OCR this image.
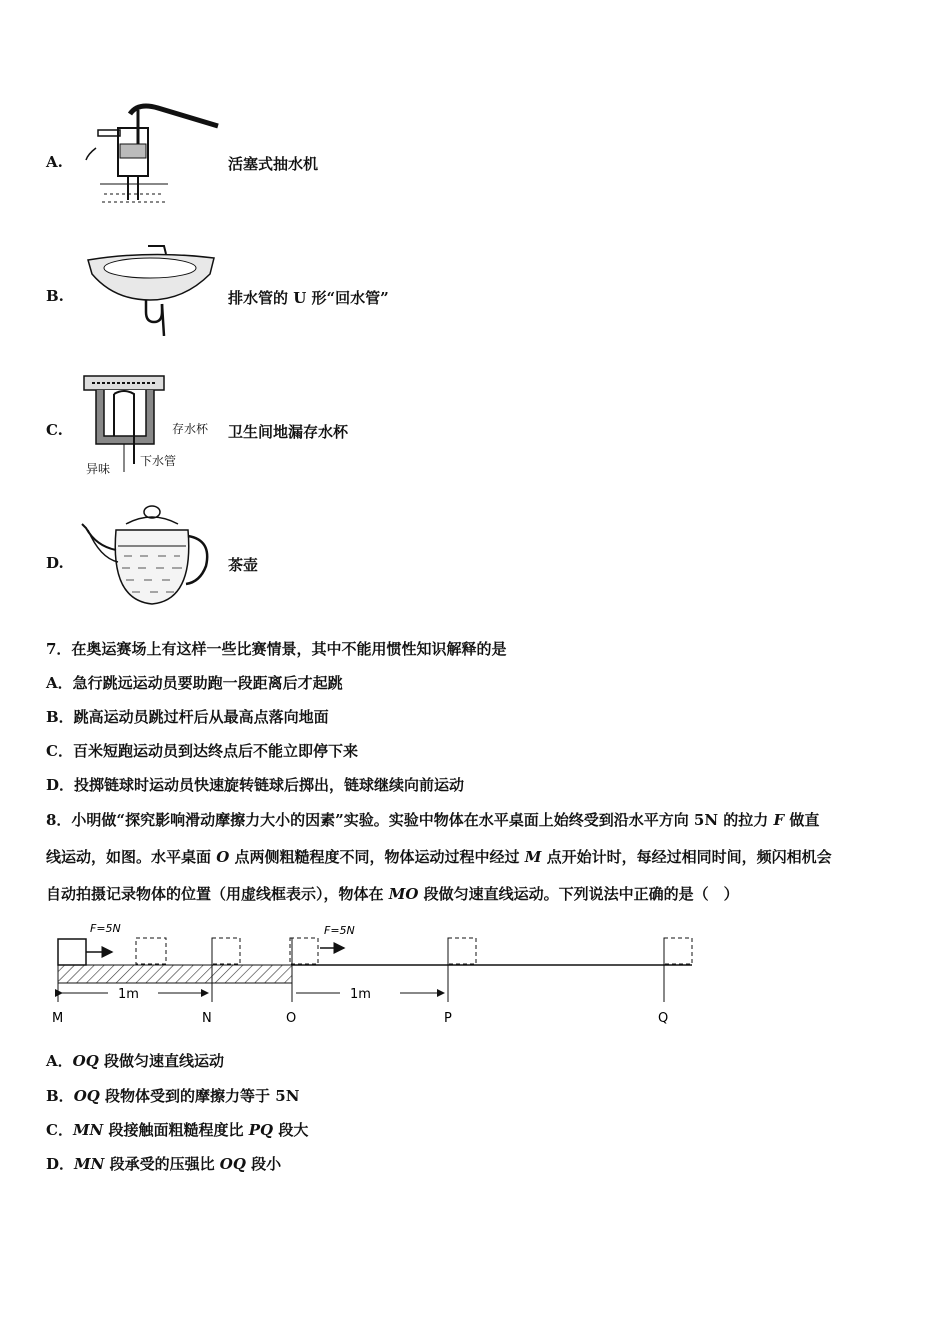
A.	活塞式抽水机
B.	排水管的 U 形“回水管”
C.	存水杯
下水管
异味
卫生间地漏存水杯
D.	茶壶
7．在奥运赛场上有这样一些比赛情景，其中不能用惯性知识解释的是
A．急行跳远运动员要助跑一段距离后才起跳
B．跳高运动员跳过杆后从最高点落向地面
C．百米短跑运动员到达终点后不能立即停下来
D．投掷链球时运动员快速旋转链球后掷出，链球继续向前运动
8．小明做“探究影响滑动摩擦力大小的因素”实验。实验中物体在水平桌面上始终受到沿水平方向 5N 的拉力 F 做直
线运动，如图。水平桌面 O 点两侧粗糙程度不同，物体运动过程中经过 M 点开始计时，每经过相同时间，频闪相机会
自动拍摄记录物体的位置（用虚线框表示），物体在 MO 段做匀速直线运动。下列说法中正确的是（　）
F=5N	F=5N
1m	1m
M	N	O	P	Q
A．OQ 段做匀速直线运动
B．OQ 段物体受到的摩擦力等于 5N
C．MN 段接触面粗糙程度比 PQ 段大
D．MN 段承受的压强比 OQ 段小
